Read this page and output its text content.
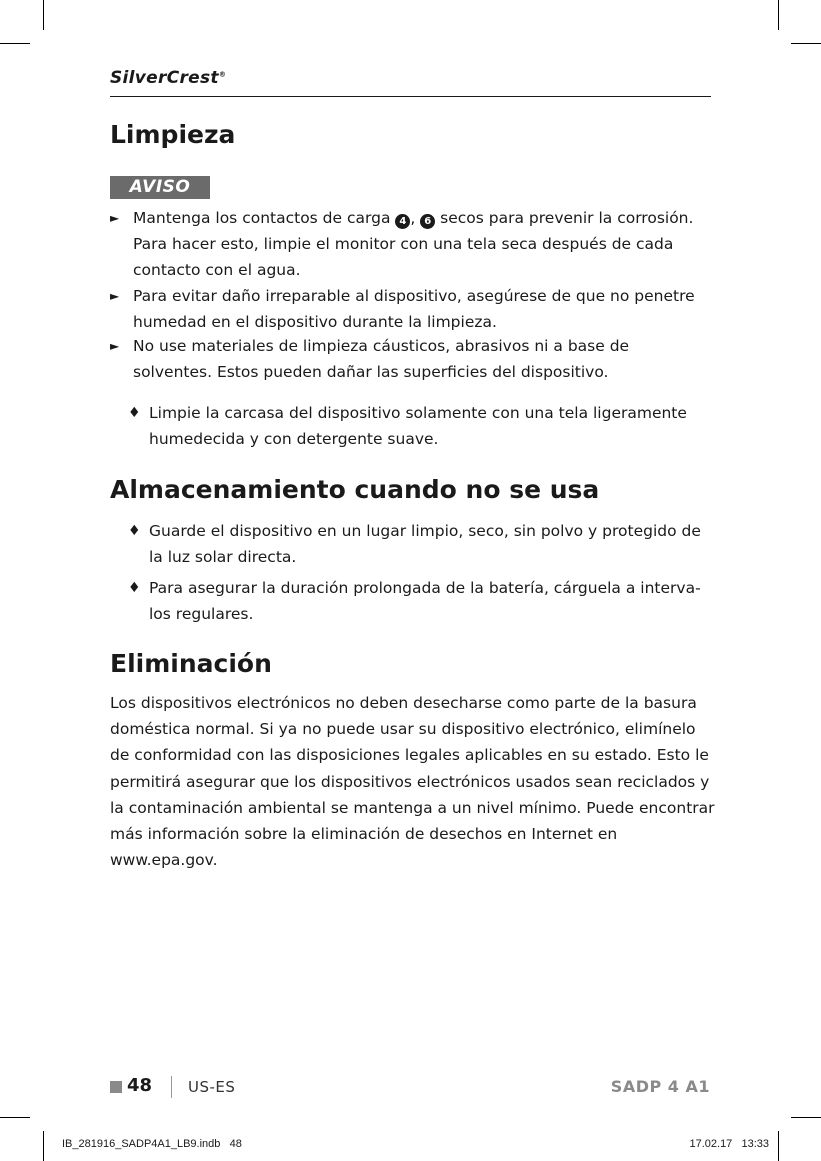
SilverCrest®
Limpieza
AVISO
► Mantenga los contactos de carga 4 , 6 secos para prevenir la corrosión. Para hacer esto, limpie el monitor con una tela seca después de cada contacto con el agua.
► Para evitar daño irreparable al dispositivo, asegúrese de que no penetre humedad en el dispositivo durante la limpieza.
► No use materiales de limpieza cáusticos, abrasivos ni a base de solventes. Estos pueden dañar las superficies del dispositivo.
♦ Limpie la carcasa del dispositivo solamente con una tela ligeramente humedecida y con detergente suave.
Almacenamiento cuando no se usa
♦ Guarde el dispositivo en un lugar limpio, seco, sin polvo y protegido de la luz solar directa.
♦ Para asegurar la duración prolongada de la batería, cárguela a intervalos regulares.
Eliminación
Los dispositivos electrónicos no deben desecharse como parte de la basura doméstica normal. Si ya no puede usar su dispositivo electrónico, elimínelo de conformidad con las disposiciones legales aplicables en su estado. Esto le permitirá asegurar que los dispositivos electrónicos usados sean reciclados y la contaminación ambiental se mantenga a un nivel mínimo. Puede encontrar más información sobre la eliminación de desechos en Internet en www.epa.gov.
48 US-ES	SADP 4 A1
IB_281916_SADP4A1_LB9.indb   48	17.02.17   13:33
